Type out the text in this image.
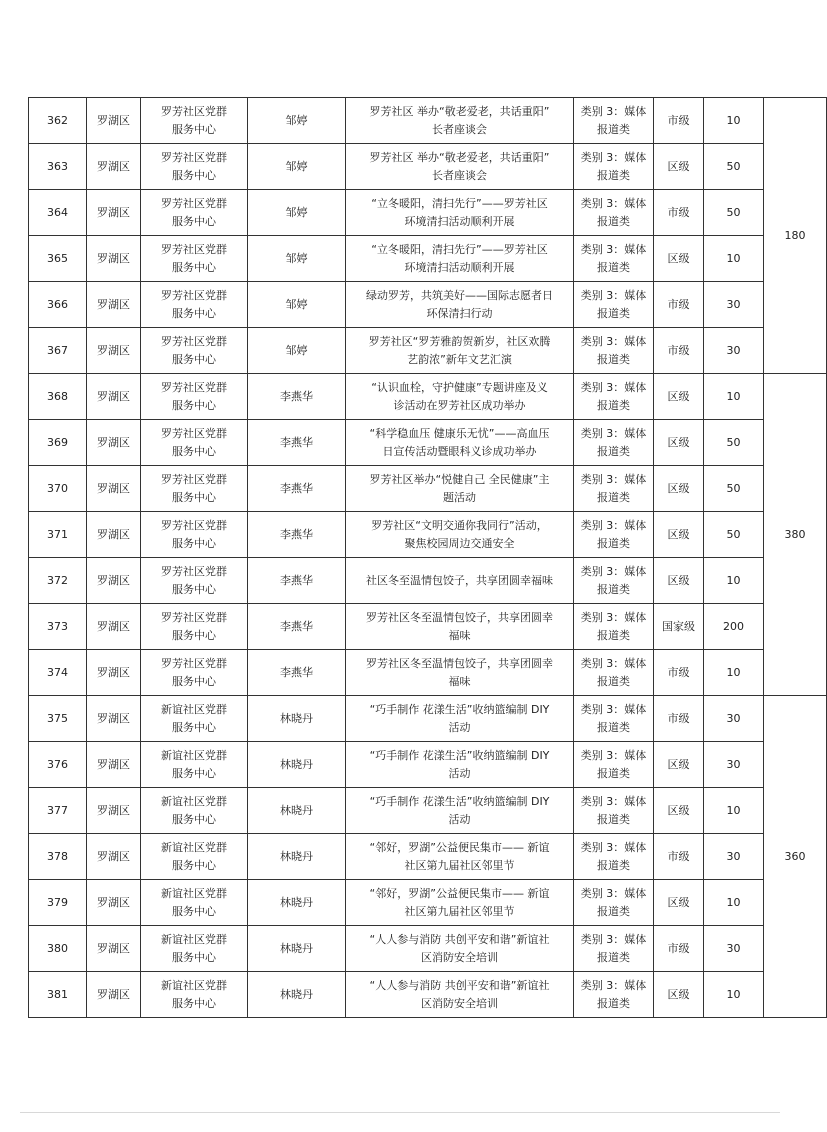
362	罗湖区	罗芳社区党群
服务中心	邹婷	罗芳社区 举办“敬老爱老，共话重阳”
长者座谈会	类别 3：媒体
报道类	市级	10	180
363	罗湖区	罗芳社区党群
服务中心	邹婷	罗芳社区 举办“敬老爱老，共话重阳”
长者座谈会	类别 3：媒体
报道类	区级	50	
364	罗湖区	罗芳社区党群
服务中心	邹婷	“立冬暖阳，清扫先行”——罗芳社区
环境清扫活动顺利开展	类别 3：媒体
报道类	市级	50	
365	罗湖区	罗芳社区党群
服务中心	邹婷	“立冬暖阳，清扫先行”——罗芳社区
环境清扫活动顺利开展	类别 3：媒体
报道类	区级	10	
366	罗湖区	罗芳社区党群
服务中心	邹婷	绿动罗芳，共筑美好——国际志愿者日
环保清扫行动	类别 3：媒体
报道类	市级	30	
367	罗湖区	罗芳社区党群
服务中心	邹婷	罗芳社区“罗芳雅韵贺新岁，社区欢腾
艺韵浓”新年文艺汇演	类别 3：媒体
报道类	市级	30	
368	罗湖区	罗芳社区党群
服务中心	李燕华	“认识血栓，守护健康”专题讲座及义
诊活动在罗芳社区成功举办	类别 3：媒体
报道类	区级	10	380
369	罗湖区	罗芳社区党群
服务中心	李燕华	“科学稳血压 健康乐无忧”——高血压
日宣传活动暨眼科义诊成功举办	类别 3：媒体
报道类	区级	50	
370	罗湖区	罗芳社区党群
服务中心	李燕华	罗芳社区举办“悦健自己 全民健康”主
题活动	类别 3：媒体
报道类	区级	50	
371	罗湖区	罗芳社区党群
服务中心	李燕华	罗芳社区“文明交通你我同行”活动，
聚焦校园周边交通安全	类别 3：媒体
报道类	区级	50	
372	罗湖区	罗芳社区党群
服务中心	李燕华	社区冬至温情包饺子，共享团圆幸福味	类别 3：媒体
报道类	区级	10	
373	罗湖区	罗芳社区党群
服务中心	李燕华	罗芳社区冬至温情包饺子，共享团圆幸
福味	类别 3：媒体
报道类	国家级	200	
374	罗湖区	罗芳社区党群
服务中心	李燕华	罗芳社区冬至温情包饺子，共享团圆幸
福味	类别 3：媒体
报道类	市级	10	
375	罗湖区	新谊社区党群
服务中心	林晓丹	“巧手制作 花漾生活”收纳篮编制 DIY
活动	类别 3：媒体
报道类	市级	30	360
376	罗湖区	新谊社区党群
服务中心	林晓丹	“巧手制作 花漾生活”收纳篮编制 DIY
活动	类别 3：媒体
报道类	区级	30	
377	罗湖区	新谊社区党群
服务中心	林晓丹	“巧手制作 花漾生活”收纳篮编制 DIY
活动	类别 3：媒体
报道类	区级	10	
378	罗湖区	新谊社区党群
服务中心	林晓丹	“邻好，罗湖”公益便民集市—— 新谊
社区第九届社区邻里节	类别 3：媒体
报道类	市级	30	
379	罗湖区	新谊社区党群
服务中心	林晓丹	“邻好，罗湖”公益便民集市—— 新谊
社区第九届社区邻里节	类别 3：媒体
报道类	区级	10	
380	罗湖区	新谊社区党群
服务中心	林晓丹	“人人参与消防 共创平安和谐”新谊社
区消防安全培训	类别 3：媒体
报道类	市级	30	
381	罗湖区	新谊社区党群
服务中心	林晓丹	“人人参与消防 共创平安和谐”新谊社
区消防安全培训	类别 3：媒体
报道类	区级	10	
